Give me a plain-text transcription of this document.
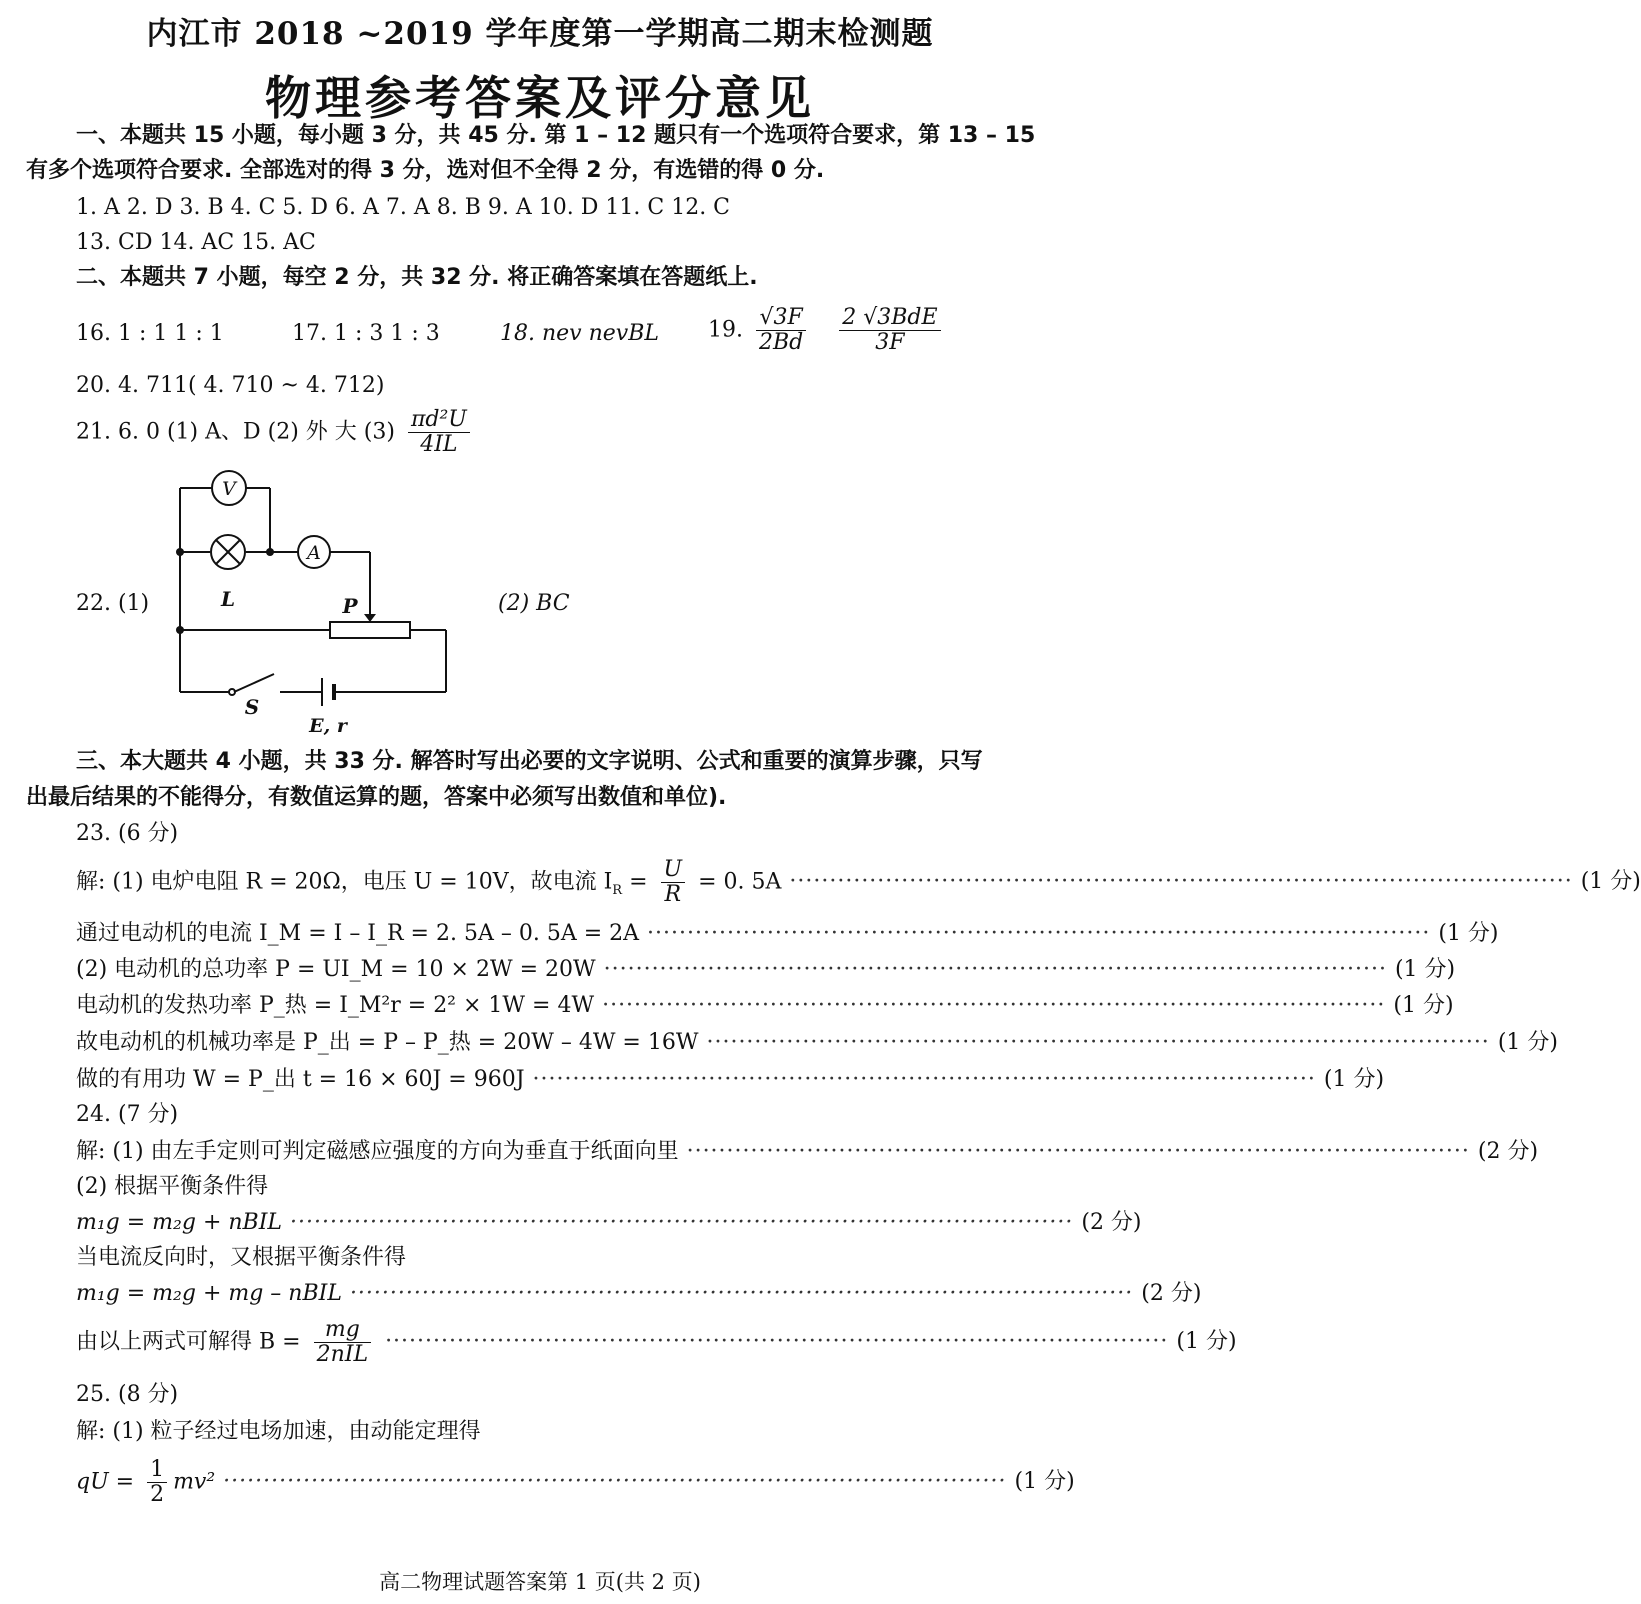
内江市 2018 ~2019 学年度第一学期高二期末检测题
物理参考答案及评分意见
一、本题共 15 小题，每小题 3 分，共 45 分. 第 1 – 12 题只有一个选项符合要求，第 13 – 15
有多个选项符合要求. 全部选对的得 3 分，选对但不全得 2 分，有选错的得 0 分.
1. A 2. D 3. B 4. C 5. D 6. A 7. A 8. B 9. A 10. D 11. C 12. C
13. CD 14. AC 15. AC
二、本题共 7 小题，每空 2 分，共 32 分. 将正确答案填在答题纸上.
16. 1 : 1 1 : 1	17. 1 : 3 1 : 3	18. nev nevBL 19. $\frac{√3F}{2Bd}$
$\frac{\text{2 √3BdE}}{3F}$
20. 4. 711( 4. 710 ~ 4. 712)
21. 6. 0 (1) A、D (2) 外 大 $(3) \frac{\text{πd²U}}{4IL}$
22. (1)	(2) BC
V
A
L	P
S
E, r
三、本大题共 4 小题，共 33 分. 解答时写出必要的文字说明、公式和重要的演算步骤，只写
出最后结果的不能得分，有数值运算的题，答案中必须写出数值和单位).
23. (6 分)
解: (1) 电炉电阻 R = 20Ω，电压 U = 10V，故电流 $I_R = \frac{U}{R} = 0$. 5A ·································································································· (1 分)
通过电动机的电流 I_M = I – I_R = 2. 5A – 0. 5A = 2A ·································································································· (1 分)
(2) 电动机的总功率 P = UI_M = 10 × 2W = 20W ·································································································· (1 分)
电动机的发热功率 P_热 = I_M²r = 2² × 1W = 4W ·································································································· (1 分)
故电动机的机械功率是 P_出 = P – P_热 = 20W – 4W = 16W ·································································································· (1 分)
做的有用功 W = P_出 t = 16 × 60J = 960J ·································································································· (1 分)
24. (7 分)
解: (1) 由左手定则可判定磁感应强度的方向为垂直于纸面向里 ·································································································· (2 分)
(2) 根据平衡条件得
m₁g = m₂g + nBIL ·································································································· (2 分)
当电流反向时，又根据平衡条件得
m₁g = m₂g + mg – nBIL ·································································································· (2 分)
由以上两式可解得 $B = \frac{mg}{\text{2nIL}}$ ·································································································· (1 分)
25. (8 分)
解: (1) 粒子经过电场加速，由动能定理得
qU = $\frac{1}{2} mv^2$ ·································································································· (1 分)
高二物理试题答案第 1 页(共 2 页)
